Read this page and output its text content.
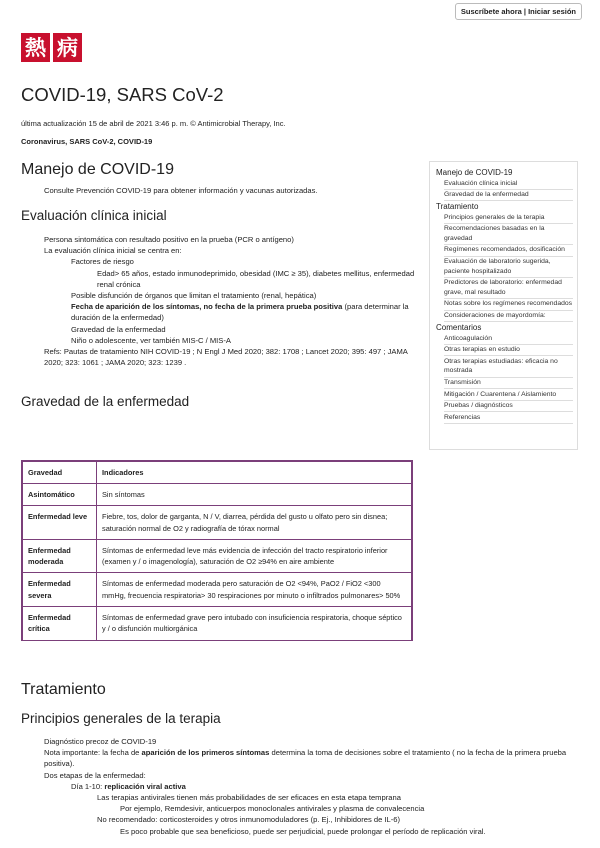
Suscríbete ahora | Iniciar sesión
熱 病
COVID-19, SARS CoV-2
última actualización 15 de abril de 2021 3:46 p. m. © Antimicrobial Therapy, Inc.
Coronavirus, SARS CoV-2, COVID-19
Manejo de COVID-19
• Consulte Prevención COVID-19 para obtener información y vacunas autorizadas.
Evaluación clínica inicial
• Persona sintomática con resultado positivo en la prueba (PCR o antígeno)
• La evaluación clínica inicial se centra en:
• Factores de riesgo
• Edad> 65 años, estado inmunodeprimido, obesidad (IMC ≥ 35), diabetes mellitus, enfermedad renal crónica
• Posible disfunción de órganos que limitan el tratamiento (renal, hepática)
• Fecha de aparición de los síntomas, no fecha de la primera prueba positiva (para determinar la duración de la enfermedad)
• Gravedad de la enfermedad
• Niño o adolescente, ver también MIS-C / MIS-A
• Refs: Pautas de tratamiento NIH COVID-19 ; N Engl J Med 2020; 382: 1708 ; Lancet 2020; 395: 497 ; JAMA 2020; 323: 1061 ; JAMA 2020; 323: 1239 .
Gravedad de la enfermedad
Manejo de COVID-19
Evaluación clínica inicial
Gravedad de la enfermedad
Tratamiento
Principios generales de la terapia
Recomendaciones basadas en la gravedad
Regímenes recomendados, dosificación
Evaluación de laboratorio sugerida, paciente hospitalizado
Predictores de laboratorio: enfermedad grave, mal resultado
Notas sobre los regímenes recomendados
Consideraciones de mayordomía:
Comentarios
Anticoagulación
Otras terapias en estudio
Otras terapias estudiadas: eficacia no mostrada
Transmisión
Mitigación / Cuarentena / Aislamiento
Pruebas / diagnósticos
Referencias
Gravedad	Indicadores
Asintomático	Sin síntomas
Enfermedad leve	Fiebre, tos, dolor de garganta, N / V, diarrea, pérdida del gusto u olfato pero sin disnea; saturación normal de O2 y radiografía de tórax normal
Enfermedad moderada	Síntomas de enfermedad leve más evidencia de infección del tracto respiratorio inferior (examen y / o imagenología), saturación de O2 ≥94% en aire ambiente
Enfermedad severa	Síntomas de enfermedad moderada pero saturación de O2 <94%, PaO2 / FiO2 <300 mmHg, frecuencia respiratoria> 30 respiraciones por minuto o infiltrados pulmonares> 50%
Enfermedad crítica	Síntomas de enfermedad grave pero intubado con insuficiencia respiratoria, choque séptico y / o disfunción multiorgánica
Tratamiento
Principios generales de la terapia
• Diagnóstico precoz de COVID-19
• Nota importante: la fecha de aparición de los primeros síntomas determina la toma de decisiones sobre el tratamiento ( no la fecha de la primera prueba positiva).
• Dos etapas de la enfermedad:
• Día 1-10: replicación viral activa
• Las terapias antivirales tienen más probabilidades de ser eficaces en esta etapa temprana
• Por ejemplo, Remdesivir, anticuerpos monoclonales antivirales y plasma de convalecencia
• No recomendado: corticosteroides y otros inmunomoduladores (p. Ej., Inhibidores de IL-6)
• Es poco probable que sea beneficioso, puede ser perjudicial, puede prolongar el período de replicación viral.
